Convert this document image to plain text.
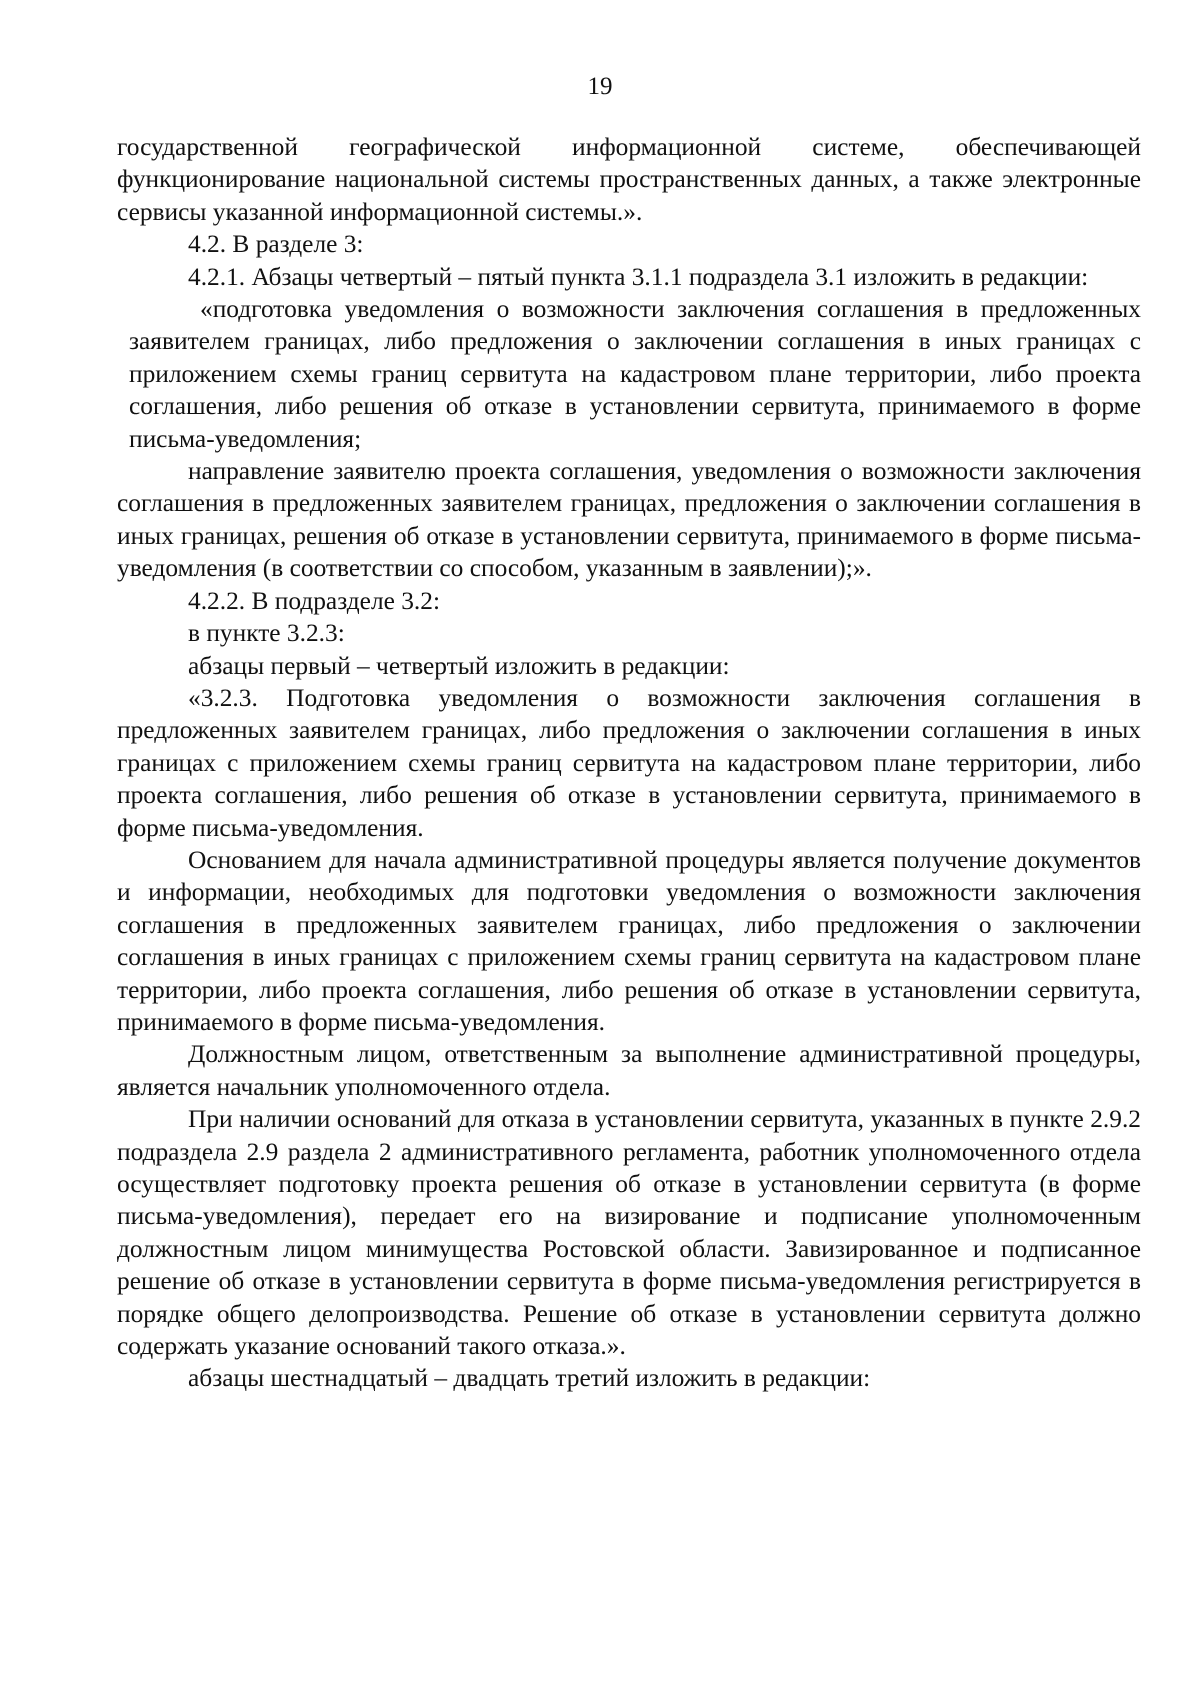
19

государственной географической информационной системе, обеспечивающей функционирование национальной системы пространственных данных, а также электронные сервисы указанной информационной системы.».

4.2. В разделе 3:

4.2.1. Абзацы четвертый – пятый пункта 3.1.1 подраздела 3.1 изложить в редакции:

«подготовка уведомления о возможности заключения соглашения в предложенных заявителем границах, либо предложения о заключении соглашения в иных границах с приложением схемы границ сервитута на кадастровом плане территории, либо проекта соглашения, либо решения об отказе в установлении сервитута, принимаемого в форме письма-уведомления;

направление заявителю проекта соглашения, уведомления о возможности заключения соглашения в предложенных заявителем границах, предложения о заключении соглашения в иных границах, решения об отказе в установлении сервитута, принимаемого в форме письма-уведомления (в соответствии со способом, указанным в заявлении);».

4.2.2. В подразделе 3.2:

в пункте 3.2.3:

абзацы первый – четвертый изложить в редакции:

«3.2.3. Подготовка уведомления о возможности заключения соглашения в предложенных заявителем границах, либо предложения о заключении соглашения в иных границах с приложением схемы границ сервитута на кадастровом плане территории, либо проекта соглашения, либо решения об отказе в установлении сервитута, принимаемого в форме письма-уведомления.

Основанием для начала административной процедуры является получение документов и информации, необходимых для подготовки уведомления о возможности заключения соглашения в предложенных заявителем границах, либо предложения о заключении соглашения в иных границах с приложением схемы границ сервитута на кадастровом плане территории, либо проекта соглашения, либо решения об отказе в установлении сервитута, принимаемого в форме письма-уведомления.

Должностным лицом, ответственным за выполнение административной процедуры, является начальник уполномоченного отдела.

При наличии оснований для отказа в установлении сервитута, указанных в пункте 2.9.2 подраздела 2.9 раздела 2 административного регламента, работник уполномоченного отдела осуществляет подготовку проекта решения об отказе в установлении сервитута (в форме письма-уведомления), передает его на визирование и подписание уполномоченным должностным лицом минимущества Ростовской области. Завизированное и подписанное решение об отказе в установлении сервитута в форме письма-уведомления регистрируется в порядке общего делопроизводства. Решение об отказе в установлении сервитута должно содержать указание оснований такого отказа.».

абзацы шестнадцатый – двадцать третий изложить в редакции:
